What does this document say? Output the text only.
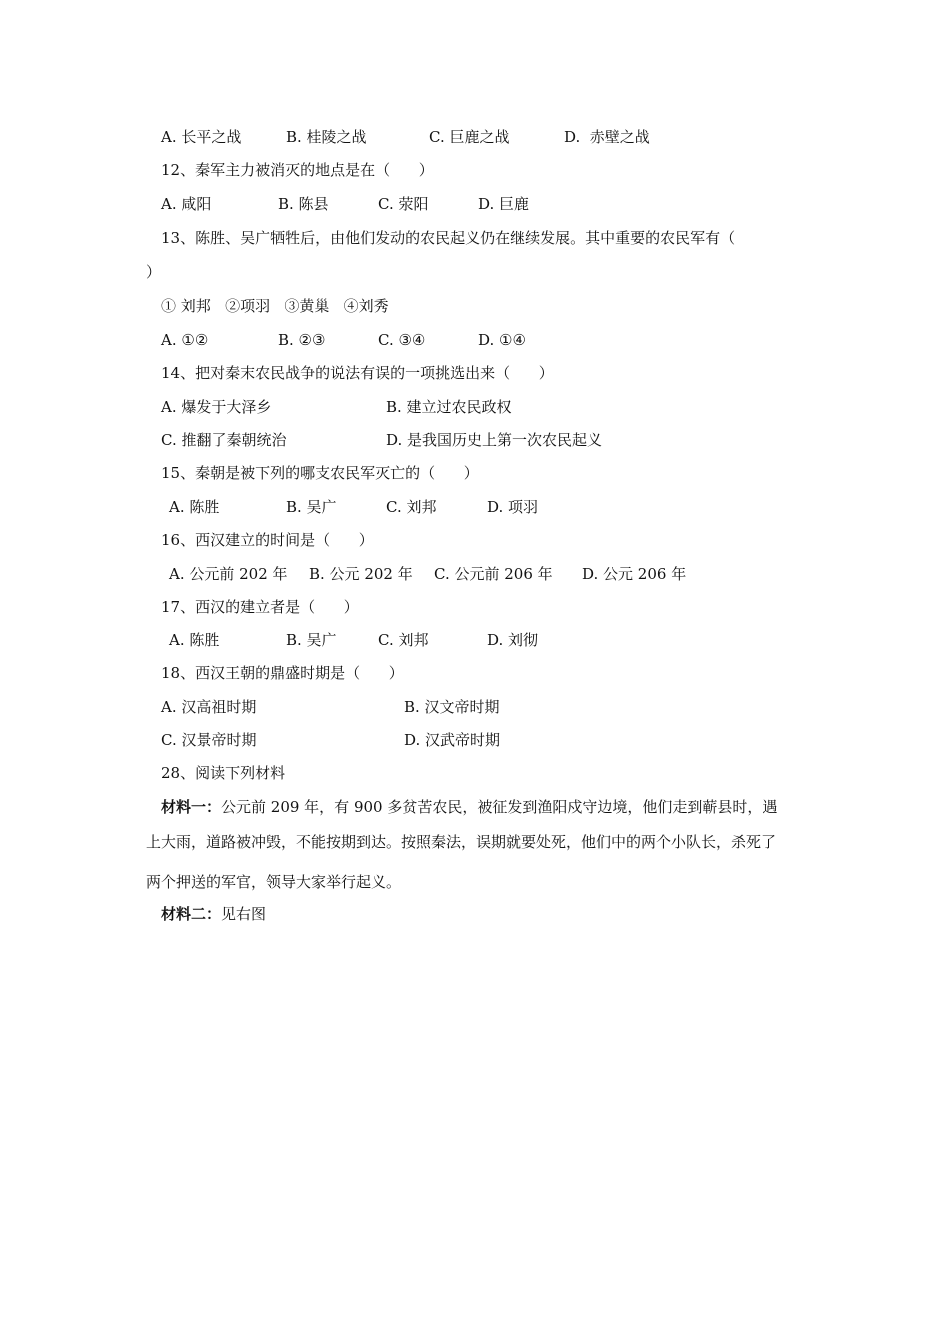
A. 长平之战	B. 桂陵之战	C. 巨鹿之战	D.  赤壁之战
12、秦军主力被消灭的地点是在（      ）
A. 咸阳	B. 陈县	C. 荥阳	D. 巨鹿
13、陈胜、吴广牺牲后，由他们发动的农民起义仍在继续发展。其中重要的农民军有（
）
① 刘邦   ②项羽   ③黄巢   ④刘秀
A. ①②	B. ②③	C. ③④	D. ①④
14、把对秦末农民战争的说法有误的一项挑选出来（      ）
A. 爆发于大泽乡	B. 建立过农民政权
C. 推翻了秦朝统治	D. 是我国历史上第一次农民起义
15、秦朝是被下列的哪支农民军灭亡的（      ）
A. 陈胜	B. 吴广	C. 刘邦	D. 项羽
16、西汉建立的时间是（      ）
A. 公元前 202 年 B. 公元 202 年 C. 公元前 206 年 D. 公元 206 年
17、西汉的建立者是（      ）
A. 陈胜	B. 吴广	C. 刘邦	D. 刘彻
18、西汉王朝的鼎盛时期是（      ）
A. 汉高祖时期	B. 汉文帝时期
C. 汉景帝时期	D. 汉武帝时期
28、阅读下列材料
材料一：公元前 209 年，有 900 多贫苦农民，被征发到渔阳戍守边境，他们走到蕲县时，遇
上大雨，道路被冲毁，不能按期到达。按照秦法，误期就要处死，他们中的两个小队长，杀死了
两个押送的军官，领导大家举行起义。
材料二：见右图
